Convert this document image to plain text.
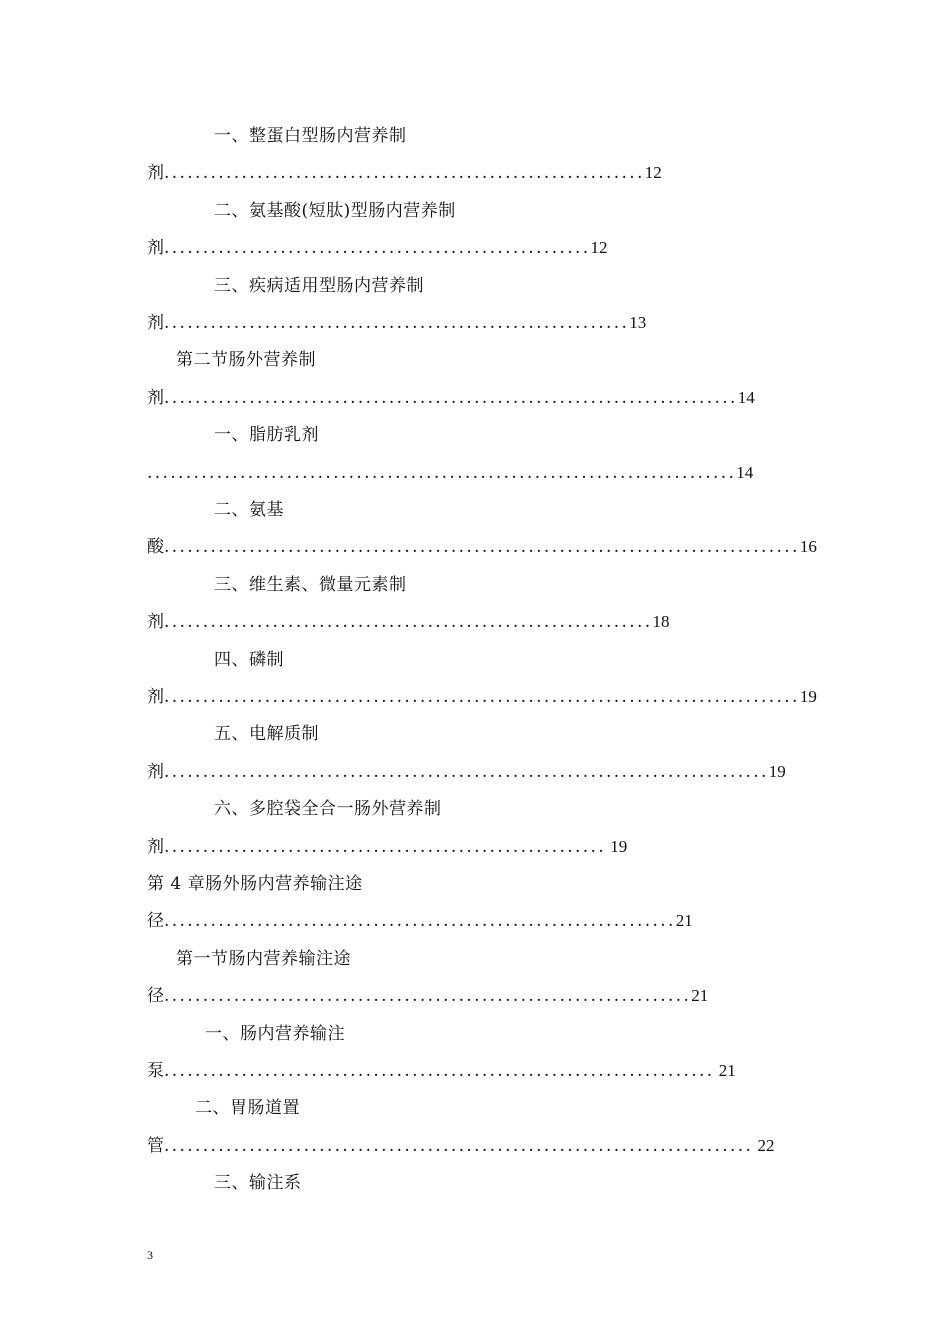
一、整蛋白型肠内营养制
剂..............................................................12
二、氨基酸(短肽)型肠内营养制
剂.......................................................12
三、疾病适用型肠内营养制
剂............................................................13
第二节肠外营养制
剂..........................................................................14
一、脂肪乳剂
............................................................................14
二、氨基
酸..................................................................................16
三、维生素、微量元素制
剂...............................................................18
四、磷制
剂..................................................................................19
五、电解质制
剂..............................................................................19
六、多腔袋全合一肠外营养制
剂......................................................... 19
第 4 章肠外肠内营养输注途
径..................................................................21
第一节肠内营养输注途
径....................................................................21
一、肠内营养输注
泵....................................................................... 21
二、胃肠道置
管............................................................................ 22
三、输注系
3
